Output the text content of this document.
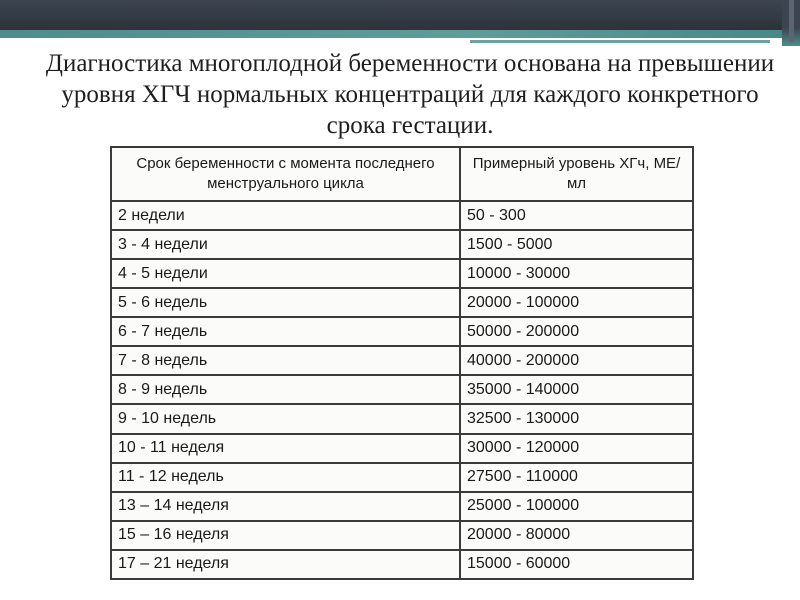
Диагностика многоплодной беременности основана на превышении уровня ХГЧ нормальных концентраций для каждого конкретного срока гестации.
Срок беременности с момента последнего менструального цикла	Примерный уровень ХГч, МЕ/мл
2 недели	50 - 300
3 - 4 недели	1500 - 5000
4 - 5 недели	10000 - 30000
5 - 6 недель	20000 - 100000
6 - 7 недель	50000 - 200000
7 - 8 недель	40000 - 200000
8 - 9 недель	35000 - 140000
9 - 10 недель	32500 - 130000
10 - 11 неделя	30000 - 120000
11 - 12 недель	27500 - 110000
13 – 14 неделя	25000 - 100000
15 – 16 неделя	20000 - 80000
17 – 21 неделя	15000 - 60000
